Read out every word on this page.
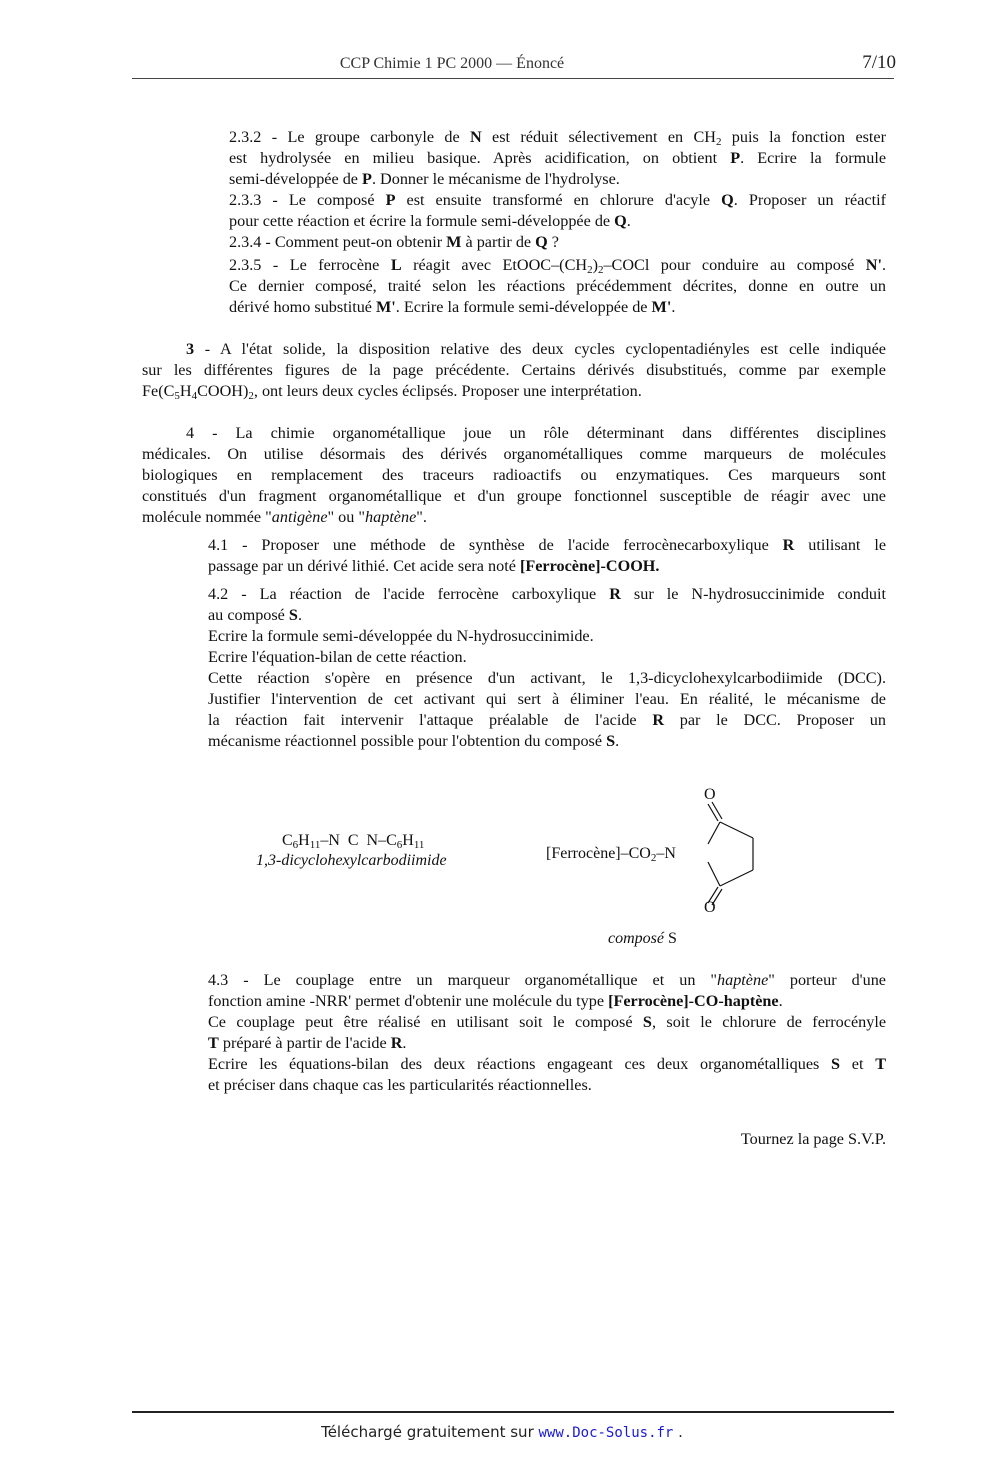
CCP Chimie 1 PC 2000 — Énoncé	7/10
2.3.2 - Le groupe carbonyle de N est réduit sélectivement en $CH_2$ puis la fonction ester
est hydrolysée en milieu basique. Après acidification, on obtient P. Ecrire la formule
semi-développée de P. Donner le mécanisme de l'hydrolyse.
2.3.3 - Le composé P est ensuite transformé en chlorure d'acyle Q. Proposer un réactif
pour cette réaction et écrire la formule semi-développée de Q.
2.3.4 - Comment peut-on obtenir M à partir de Q ?
2.3.5 - Le ferrocène L réagit avec EtOOC–$(CH_2)_2$–COCl pour conduire au composé N'.
Ce dernier composé, traité selon les réactions précédemment décrites, donne en outre un
dérivé homo substitué M'. Ecrire la formule semi-développée de M'.
3 - A l'état solide, la disposition relative des deux cycles cyclopentadiényles est celle indiquée
sur les différentes figures de la page précédente. Certains dérivés disubstitués, comme par exemple
$Fe(C_5H_4COOH)_2$, ont leurs deux cycles éclipsés. Proposer une interprétation.
4 - La chimie organométallique joue un rôle déterminant dans différentes disciplines
médicales. On utilise désormais des dérivés organométalliques comme marqueurs de molécules
biologiques en remplacement des traceurs radioactifs ou enzymatiques. Ces marqueurs sont
constitués d'un fragment organométallique et d'un groupe fonctionnel susceptible de réagir avec une
molécule nommée "antigène" ou "haptène".
4.1 - Proposer une méthode de synthèse de l'acide ferrocènecarboxylique R utilisant le
passage par un dérivé lithié. Cet acide sera noté [Ferrocène]-COOH.
4.2 - La réaction de l'acide ferrocène carboxylique R sur le N-hydrosuccinimide conduit
au composé S.
Ecrire la formule semi-développée du N-hydrosuccinimide.
Ecrire l'équation-bilan de cette réaction.
Cette réaction s'opère en présence d'un activant, le 1,3-dicyclohexylcarbodiimide (DCC).
Justifier l'intervention de cet activant qui sert à éliminer l'eau. En réalité, le mécanisme de
la réaction fait intervenir l'attaque préalable de l'acide R par le DCC. Proposer un
mécanisme réactionnel possible pour l'obtention du composé S.
$C_6H_{11}-N$  C  $N-C_6H_{11}$
1,3-dicyclohexylcarbodiimide	$[Ferrocène]-CO_2-N$
O
O
composé S
4.3 - Le couplage entre un marqueur organométallique et un "haptène" porteur d'une
fonction amine -NRR' permet d'obtenir une molécule du type [Ferrocène]-CO-haptène.
Ce couplage peut être réalisé en utilisant soit le composé S, soit le chlorure de ferrocényle
T préparé à partir de l'acide R.
Ecrire les équations-bilan des deux réactions engageant ces deux organométalliques S et T
et préciser dans chaque cas les particularités réactionnelles.
Tournez la page S.V.P.
Téléchargé gratuitement sur www.Doc-Solus.fr .
